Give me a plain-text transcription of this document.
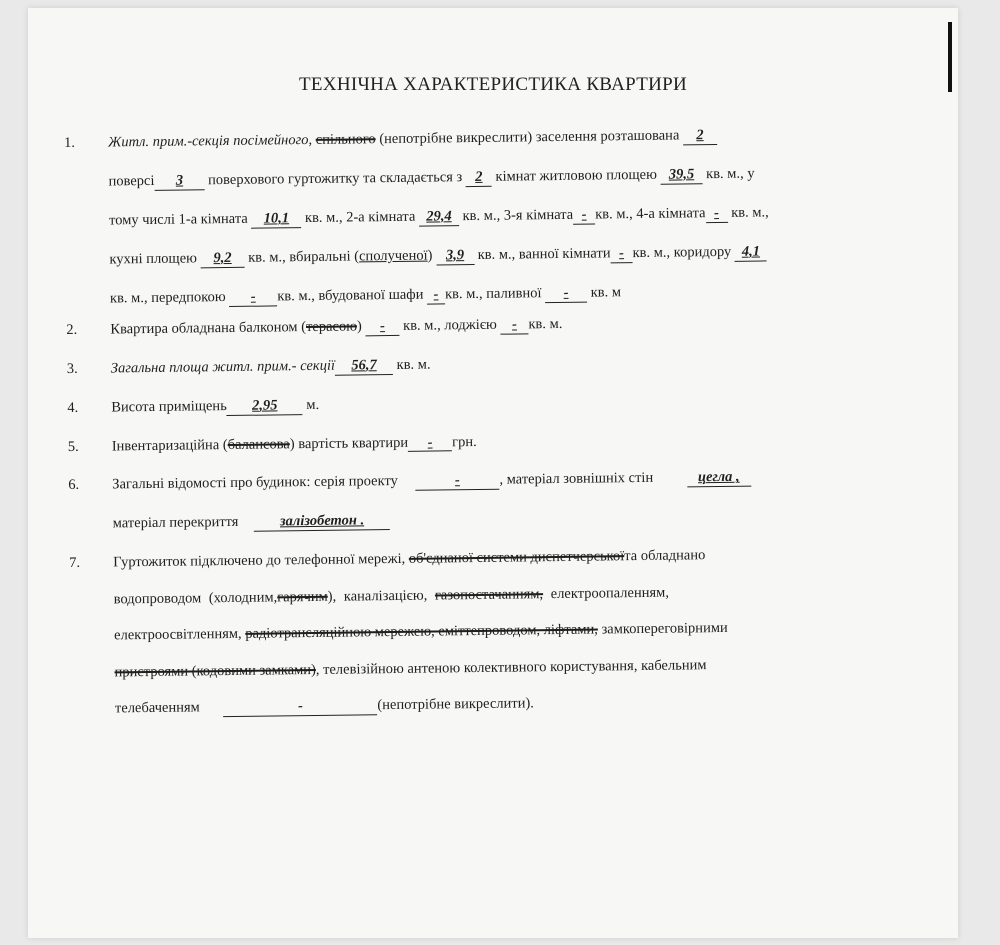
ТЕХНІЧНА ХАРАКТЕРИСТИКА КВАРТИРИ
1.	Житл. прим.-секція посімейного, спільного (непотрібне викреслити) заселення розташована 2
поверсі 3 поверхового гуртожитку та складається з 2 кімнат житловою площею 39,5 кв. м., у
тому числі 1-а кімната 10,1 кв. м., 2-а кімната 29,4 кв. м., 3-я кімната - кв. м., 4-а кімната - кв. м.,
кухні площею 9,2 кв. м., вбиральні (сполученої) 3,9 кв. м., ванної кімнати - кв. м., коридору 4,1
кв. м., передпокою - кв. м., вбудованої шафи - кв. м., паливної - кв. м
2.	Квартира обладнана балконом (терасою) - кв. м., лоджією - кв. м.
3.	Загальна площа житл. прим.- секції 56,7 кв. м.
4.	Висота приміщень 2,95 м.
5.	Інвентаризаційна (балансова) вартість квартири - грн.
6.	Загальні відомості про будинок: серія проекту	-	, матеріал зовнішніх стін	цегла ,
матеріал перекриття	залізобетон .
7.	Гуртожиток підключено до телефонної мережі, об'єднаної системи диспетчерськоїта обладнано
водопроводом (холодним,гарячим), каналізацією, газопостачанням, електроопаленням,
електроосвітленням, радіотрансляційною мережею, еміттепроводом, ліфтами, замкопереговірними
пристроями (кодовими замками), телевізійною антеною колективного користування, кабельним
телебаченням	-	(непотрібне викреслити).
